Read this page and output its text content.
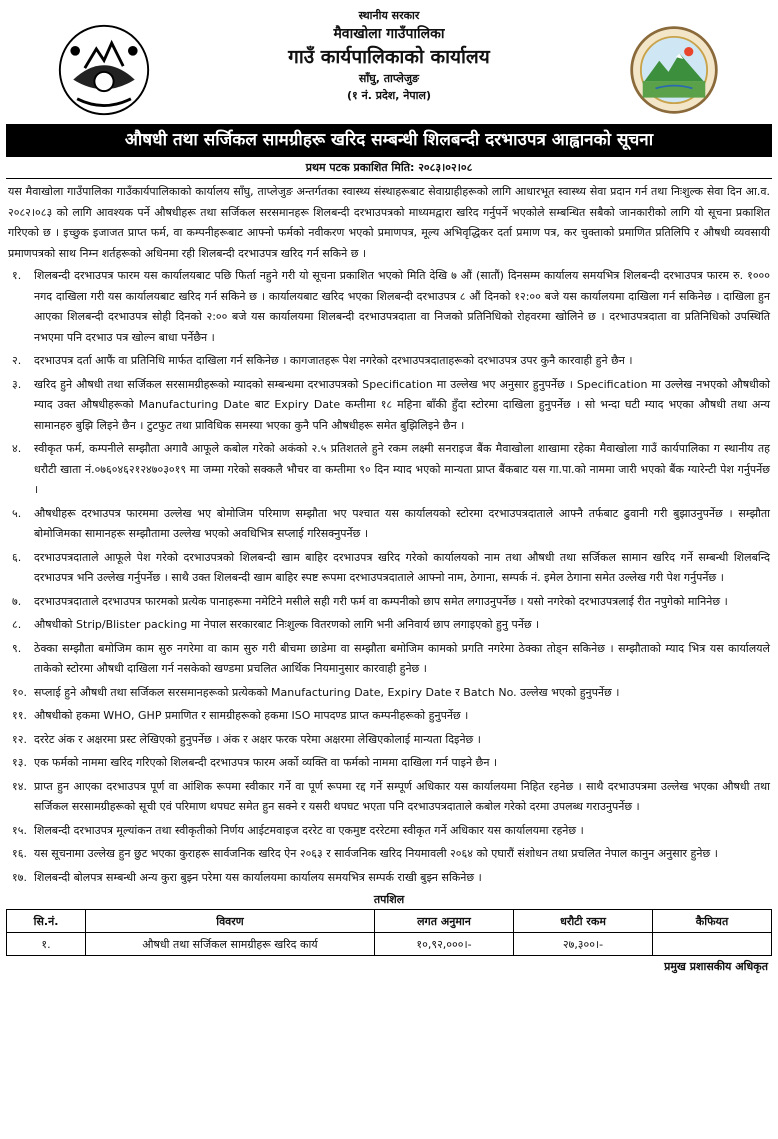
स्थानीय सरकार
मैवाखोला गाउँपालिका
गाउँ कार्यपालिकाको कार्यालय
साँघु, ताप्लेजुङ
(१ नं. प्रदेश, नेपाल)
औषधी तथा सर्जिकल सामग्रीहरू खरिद सम्बन्धी शिलबन्दी दरभाउपत्र आह्वानको सूचना
प्रथम पटक प्रकाशित मिति: २०८३।०२।०८
यस मैवाखोला गाउँपालिका गाउँकार्यपालिकाको कार्यालय साँघु, ताप्लेजुङ अन्तर्गतका स्वास्थ्य संस्थाहरूबाट सेवाग्राहीहरूको लागि आधारभूत स्वास्थ्य सेवा प्रदान गर्न तथा निःशुल्क सेवा दिन आ.व. २०८२।०८३ को लागि आवश्यक पर्ने औषधीहरू तथा सर्जिकल सरसमानहरू शिलबन्दी दरभाउपत्रको माध्यमद्वारा खरिद गर्नुपर्ने भएकोले सम्बन्धित सबैको जानकारीको लागि यो सूचना प्रकाशित गरिएको छ । इच्छुक इजाजत प्राप्त फर्म, वा कम्पनीहरूबाट आफ्नो फर्मको नवीकरण भएको प्रमाणपत्र, मूल्य अभिवृद्धिकर दर्ता प्रमाण पत्र, कर चुक्ताको प्रमाणित प्रतिलिपि र औषधी व्यवसायी प्रमाणपत्रको साथ निम्न शर्तहरूको अधिनमा रही शिलबन्दी दरभाउपत्र खरिद गर्न सकिने छ ।
१. शिलबन्दी दरभाउपत्र फारम यस कार्यालयबाट पछि फिर्ता नहुने गरी यो सूचना प्रकाशित भएको मिति देखि ७ औं (सातौं) दिनसम्म कार्यालय समयभित्र शिलबन्दी दरभाउपत्र फारम रु. १००० नगद दाखिला गरी यस कार्यालयबाट खरिद गर्न सकिने छ । कार्यालयबाट खरिद भएका शिलबन्दी दरभाउपत्र ८ औं दिनको १२:०० बजे यस कार्यालयमा दाखिला गर्न सकिनेछ । दाखिला हुन आएका शिलबन्दी दरभाउपत्र सोही दिनको २:०० बजे यस कार्यालयमा शिलबन्दी दरभाउपत्रदाता वा निजको प्रतिनिधिको रोहवरमा खोलिने छ । दरभाउपत्रदाता वा प्रतिनिधिको उपस्थिति नभएमा पनि दरभाउ पत्र खोल्न बाधा पर्नेछैन ।
२. दरभाउपत्र दर्ता आफैं वा प्रतिनिधि मार्फत दाखिला गर्न सकिनेछ । कागजातहरू पेश नगरेको दरभाउपत्रदाताहरूको दरभाउपत्र उपर कुनै कारवाही हुने छैन ।
३. खरिद हुने औषधी तथा सर्जिकल सरसामग्रीहरूको म्यादको सम्बन्धमा दरभाउपत्रको Specification मा उल्लेख भए अनुसार हुनुपर्नेछ । Specification मा उल्लेख नभएको औषधीको म्याद उक्त औषधीहरूको Manufacturing Date बाट Expiry Date कम्तीमा १८ महिना बाँकी हुँदा स्टोरमा दाखिला हुनुपर्नेछ । सो भन्दा घटी म्याद भएका औषधी तथा अन्य सामानहरु बुझि लिइने छैन । टुटफुट तथा प्राविधिक समस्या भएका कुनै पनि औषधीहरू समेत बुझिलिइने छैन ।
४. स्वीकृत फर्म, कम्पनीले सम्झौता अगावै आफूले कबोल गरेको अकंको २.५ प्रतिशतले हुने रकम लक्ष्मी सनराइज बैंक मैवाखोला शाखामा रहेका मैवाखोला गाउँ कार्यपालिका ग स्थानीय तह धरौटी खाता नं.०७६०४६२१२४७०३०१९ मा जम्मा गरेको सक्कलै भौचर वा कम्तीमा ९० दिन म्याद भएको मान्यता प्राप्त बैंकबाट यस गा.पा.को नाममा जारी भएको बैंक ग्यारेन्टी पेश गर्नुपर्नेछ ।
५. औषधीहरू दरभाउपत्र फारममा उल्लेख भए बोमोजिम परिमाण सम्झौता भए पश्चात यस कार्यालयको स्टोरमा दरभाउपत्रदाताले आफ्नै तर्फबाट ढुवानी गरी बुझाउनुपर्नेछ । सम्झौता बोमोजिमका सामानहरू सम्झौतामा उल्लेख भएको अवधिभित्र सप्लाई गरिसक्नुपर्नेछ ।
६. दरभाउपत्रदाताले आफूले पेश गरेको दरभाउपत्रको शिलबन्दी खाम बाहिर दरभाउपत्र खरिद गरेको कार्यालयको नाम तथा औषधी तथा सर्जिकल सामान खरिद गर्ने सम्बन्धी शिलबन्दि दरभाउपत्र भनि उल्लेख गर्नुपर्नेछ । साथै उक्त शिलबन्दी खाम बाहिर स्पष्ट रूपमा दरभाउपत्रदाताले आफ्नो नाम, ठेगाना, सम्पर्क नं. इमेल ठेगाना समेत उल्लेख गरी पेश गर्नुपर्नेछ ।
७. दरभाउपत्रदाताले दरभाउपत्र फारमको प्रत्येक पानाहरूमा नमेटिने मसीले सही गरी फर्म वा कम्पनीको छाप समेत लगाउनुपर्नेछ । यसो नगरेको दरभाउपत्रलाई रीत नपुगेको मानिनेछ ।
८. औषधीको Strip/Blister packing मा नेपाल सरकारबाट निःशुल्क वितरणको लागि भनी अनिवार्य छाप लगाइएको हुनु पर्नेछ ।
९. ठेक्का सम्झौता बमोजिम काम सुरु नगरेमा वा काम सुरु गरी बीचमा छाडेमा वा सम्झौता बमोजिम कामको प्रगति नगरेमा ठेक्का तोड्न सकिनेछ । सम्झौताको म्याद भित्र यस कार्यालयले ताकेको स्टोरमा औषधी दाखिला गर्न नसकेको खण्डमा प्रचलित आर्थिक नियमानुसार कारवाही हुनेछ ।
१०. सप्लाई हुने औषधी तथा सर्जिकल सरसमानहरूको प्रत्येकको Manufacturing Date, Expiry Date र Batch No. उल्लेख भएको हुनुपर्नेछ ।
११. औषधीको हकमा WHO, GHP प्रमाणित र सामग्रीहरूको हकमा ISO मापदण्ड प्राप्त कम्पनीहरूको हुनुपर्नेछ ।
१२. दररेट अंक र अक्षरमा प्रस्ट लेखिएको हुनुपर्नेछ । अंक र अक्षर फरक परेमा अक्षरमा लेखिएकोलाई मान्यता दिइनेछ ।
१३. एक फर्मको नाममा खरिद गरिएको शिलबन्दी दरभाउपत्र फारम अर्को व्यक्ति वा फर्मको नाममा दाखिला गर्न पाइने छैन ।
१४. प्राप्त हुन आएका दरभाउपत्र पूर्ण वा आंशिक रूपमा स्वीकार गर्ने वा पूर्ण रूपमा रद्द गर्ने सम्पूर्ण अधिकार यस कार्यालयमा निहित रहनेछ । साथै दरभाउपत्रमा उल्लेख भएका औषधी तथा सर्जिकल सरसामग्रीहरूको सूची एवं परिमाण थपघट समेत हुन सक्ने र यसरी थपघट भएता पनि दरभाउपत्रदाताले कबोल गरेको दरमा उपलब्ध गराउनुपर्नेछ ।
१५. शिलबन्दी दरभाउपत्र मूल्यांकन तथा स्वीकृतीको निर्णय आईटमवाइज दररेट वा एकमुष्ट दररेटमा स्वीकृत गर्ने अधिकार यस कार्यालयमा रहनेछ ।
१६. यस सूचनामा उल्लेख हुन छुट भएका कुराहरू सार्वजनिक खरिद ऐन २०६३ र सार्वजनिक खरिद नियमावली २०६४ को एघारौं संशोधन तथा प्रचलित नेपाल कानुन अनुसार हुनेछ ।
१७. शिलबन्दी बोलपत्र सम्बन्धी अन्य कुरा बुझ्न परेमा यस कार्यालयमा कार्यालय समयभित्र सम्पर्क राखी बुझ्न सकिनेछ ।
तपशिल
सि.नं.	विवरण	लगत अनुमान	धरौटी रकम	कैफियत
१.	औषधी तथा सर्जिकल सामग्रीहरू खरिद कार्य	१०,९२,०००।-	२७,३००।-	
प्रमुख प्रशासकीय अधिकृत
